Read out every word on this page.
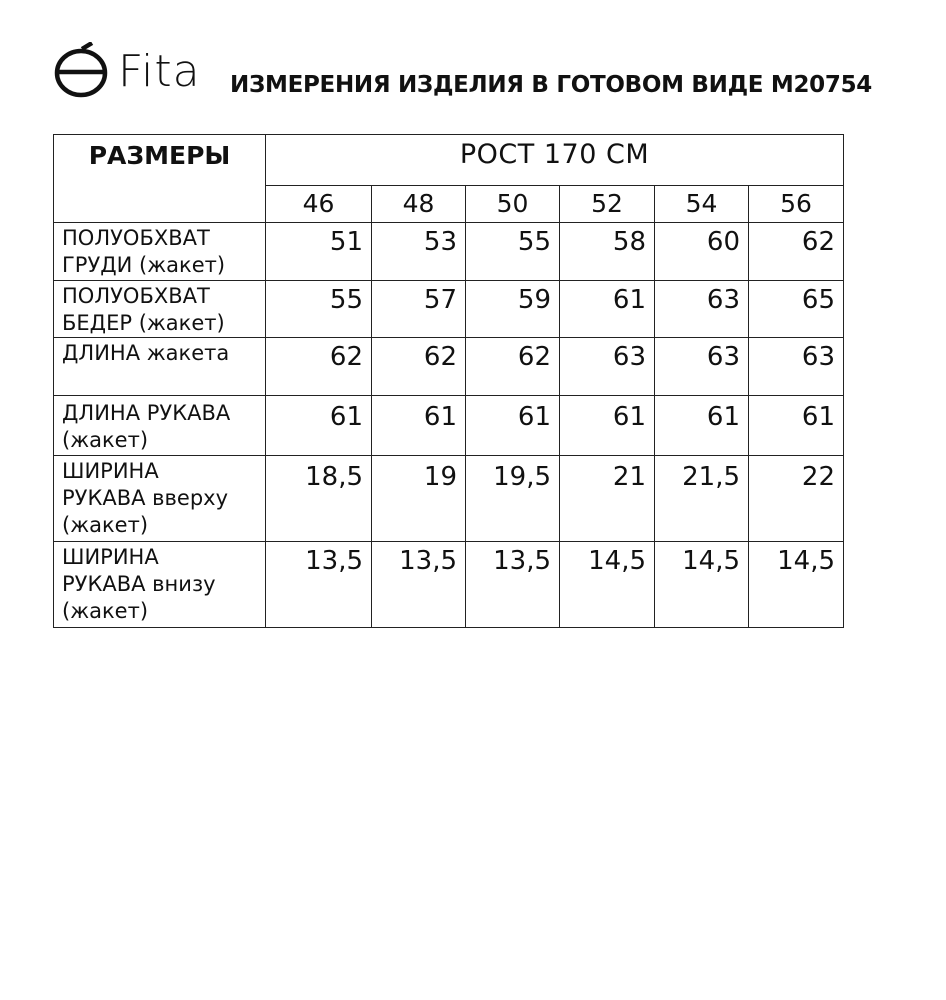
Fita ИЗМЕРЕНИЯ ИЗДЕЛИЯ В ГОТОВОМ ВИДЕ М20754
РАЗМЕРЫ	РОСТ 170 СМ					
	46	48	50	52	54	56

ПОЛУОБХВАТ
ГРУДИ (жакет)	51	53	55	58	60	62

ПОЛУОБХВАТ
БЕДЕР (жакет)	55	57	59	61	63	65

ДЛИНА жакета	62	62	62	63	63	63

ДЛИНА РУКАВА
(жакет)	61	61	61	61	61	61

ШИРИНА
РУКАВА вверху
(жакет)	18,5	19	19,5	21	21,5	22

ШИРИНА
РУКАВА внизу
(жакет)	13,5	13,5	13,5	14,5	14,5	14,5
